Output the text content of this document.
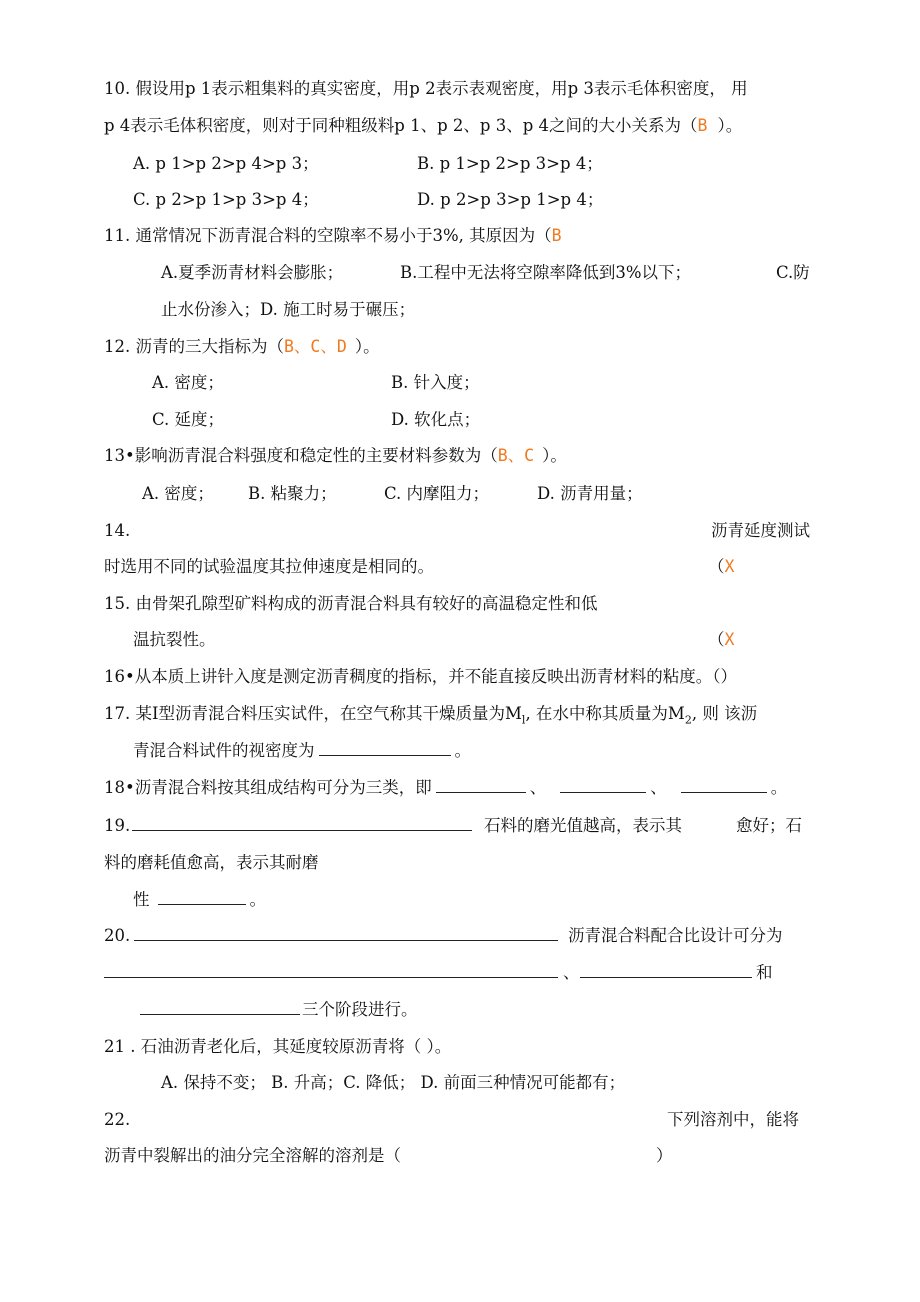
10. 假设用p 1表示粗集料的真实密度，用p 2表示表观密度，用p 3表示毛体积密度， 用
p 4表示毛体积密度，则对于同种粗级料p 1、p 2、p 3、p 4之间的大小关系为（B ）。
A. p 1>p 2>p 4>p 3；	B. p 1>p 2>p 3>p 4；
C. p 2>p 1>p 3>p 4；	D. p 2>p 3>p 1>p 4；
11. 通常情况下沥青混合料的空隙率不易小于3%, 其原因为（B
A.夏季沥青材料会膨胀；	B.工程中无法将空隙率降低到3%以下；	C.防
止水份渗入；D. 施工时易于碾压；
12. 沥青的三大指标为（B、C、D ）。
A. 密度；	B. 针入度；
C. 延度；	D. 软化点；
13•影响沥青混合料强度和稳定性的主要材料参数为（B、C ）。
A. 密度； B. 粘聚力；	C. 内摩阻力；	D. 沥青用量；
14.	沥青延度测试
时选用不同的试验温度其拉伸速度是相同的。	（X
15. 由骨架孔隙型矿料构成的沥青混合料具有较好的高温稳定性和低
温抗裂性。	（X
16•从本质上讲针入度是测定沥青稠度的指标，并不能直接反映出沥青材料的粘度。（）
17. 某I型沥青混合料压实试件，在空气称其干燥质量为$M_l$, 在水中称其质量为$M_2$, 则 该沥
青混合料试件的视密度为	。
18•沥青混合料按其组成结构可分为三类，即	、	、	。
19.	石料的磨光值越高，表示其	愈好；石
料的磨耗值愈高，表示其耐磨
性	。
20.	沥青混合料配合比设计可分为
、	和
三个阶段进行。
21 . 石油沥青老化后，其延度较原沥青将（ ）。
A. 保持不变； B. 升高；C. 降低； D. 前面三种情况可能都有；
22.	下列溶剂中，能将
沥青中裂解出的油分完全溶解的溶剂是（	）
